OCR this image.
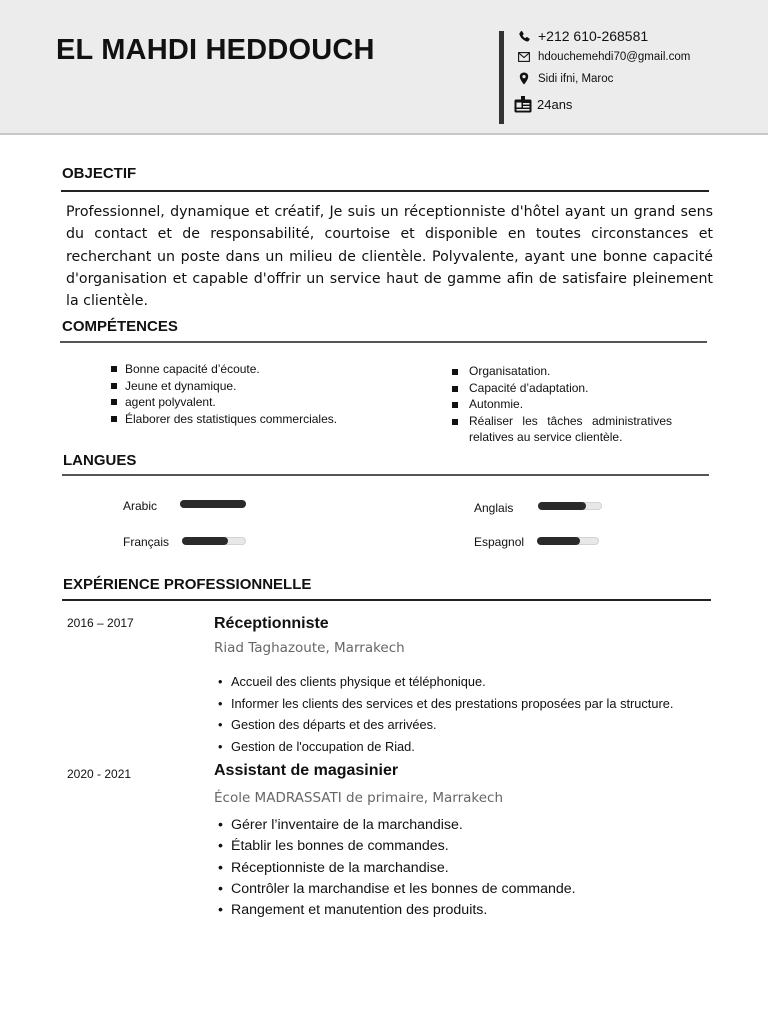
EL MAHDI HEDDOUCH	+212 610-268581
hdouchemehdi70@gmail.com
Sidi ifni, Maroc
24ans
OBJECTIF
Professionnel, dynamique et créatif, Je suis un réceptionniste d'hôtel ayant un grand sens du contact et de responsabilité, courtoise et disponible en toutes circonstances et recherchant un poste dans un milieu de clientèle. Polyvalente, ayant une bonne capacité d'organisation et capable d'offrir un service haut de gamme afin de satisfaire pleinement la clientèle.
COMPÉTENCES
Bonne capacité d’écoute.
Jeune et dynamique.
agent polyvalent.
Élaborer des statistiques commerciales.
Organisatation.
Capacité d’adaptation.
Autonmie.
Réaliser les tâches administratives relatives au service clientèle.
LANGUES
Arabic
Français
Anglais
Espagnol
EXPÉRIENCE PROFESSIONNELLE
2016 – 2017	Réceptionniste
Riad Taghazoute, Marrakech
• Accueil des clients physique et téléphonique.
• Informer les clients des services et des prestations proposées par la structure.
• Gestion des départs et des arrivées.
• Gestion de l'occupation de Riad.
2020 - 2021	Assistant de magasinier
École MADRASSATI de primaire, Marrakech
• Gérer l’inventaire de la marchandise.
• Établir les bonnes de commandes.
• Réceptionniste de la marchandise.
• Contrôler la marchandise et les bonnes de commande.
• Rangement et manutention des produits.
